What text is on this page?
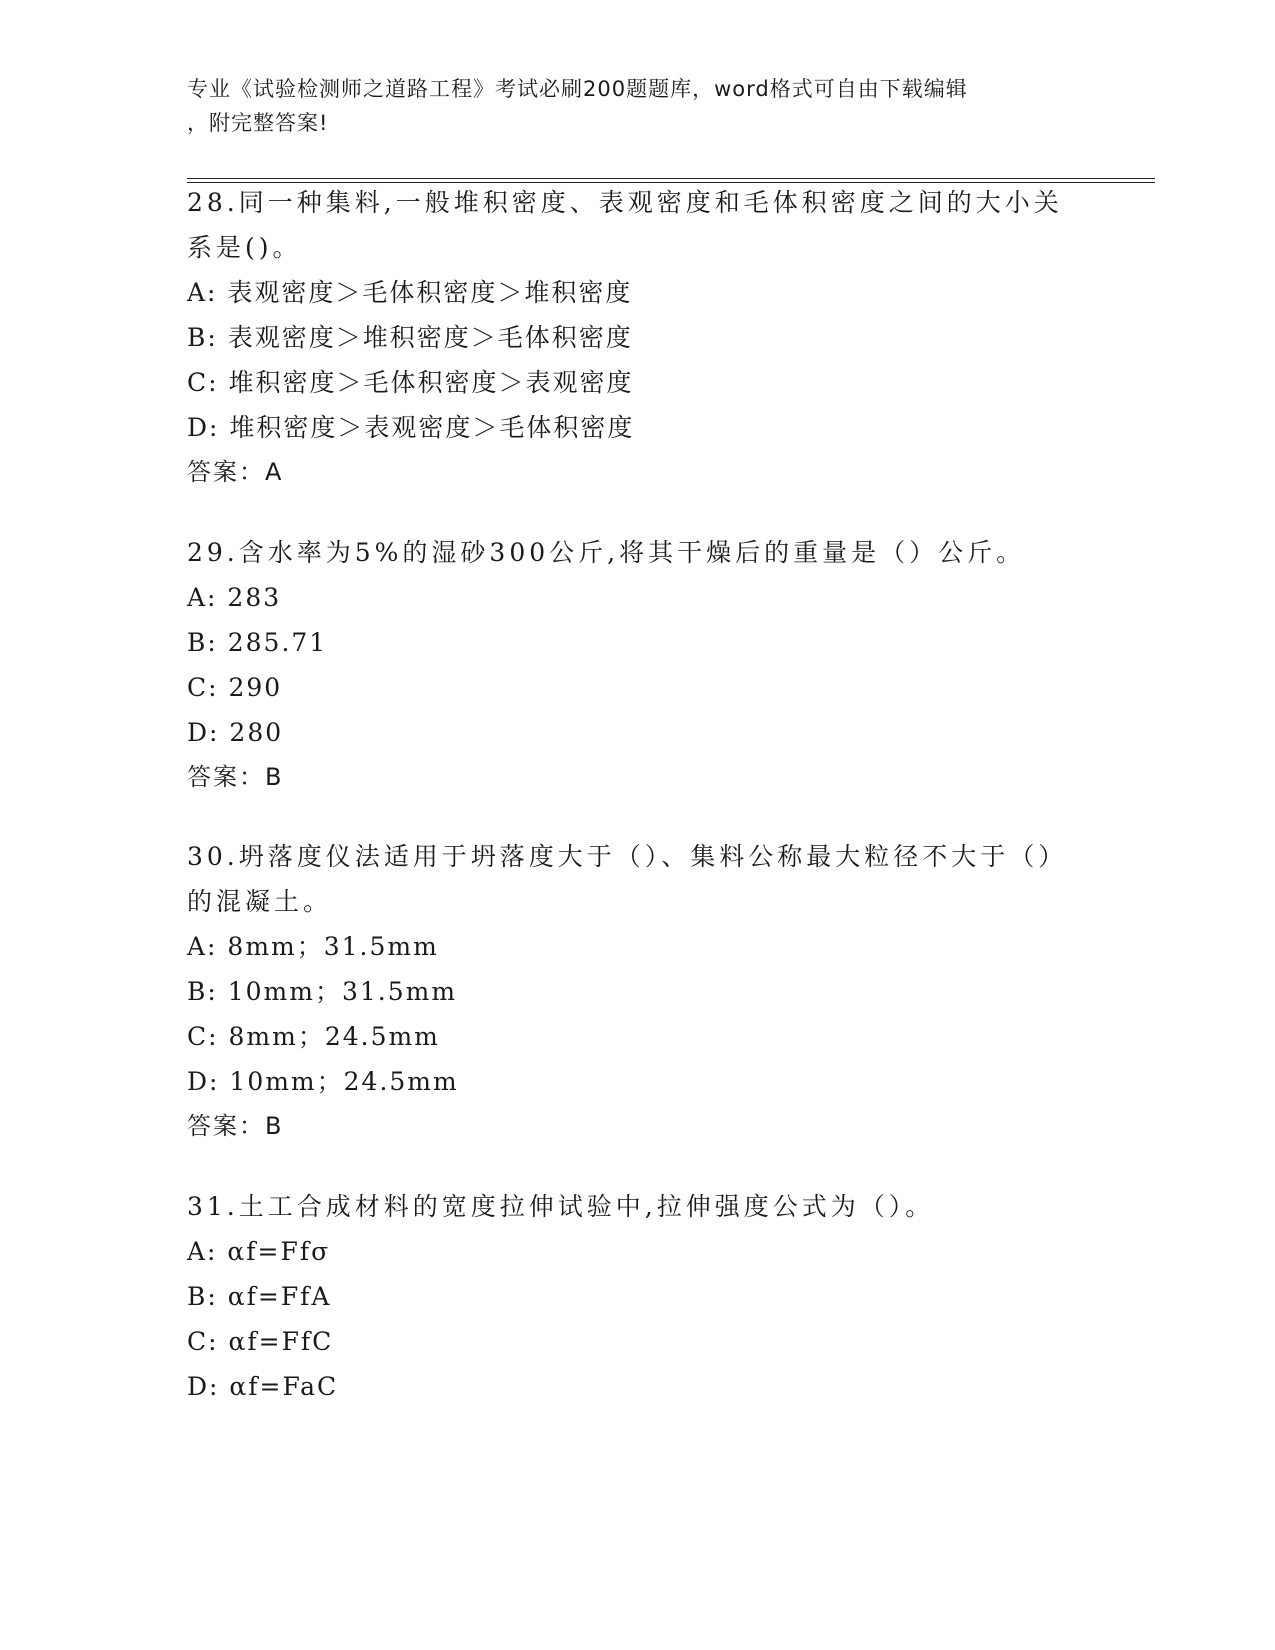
专业《试验检测师之道路工程》考试必刷200题题库，word格式可自由下载编辑
，附完整答案!

28.同一种集料,一般堆积密度、表观密度和毛体积密度之间的大小关

系是()。

A: 表观密度＞毛体积密度＞堆积密度

B: 表观密度＞堆积密度＞毛体积密度

C: 堆积密度＞毛体积密度＞表观密度

D: 堆积密度＞表观密度＞毛体积密度

答案：A

29.含水率为5%的湿砂300公斤,将其干燥后的重量是（）公斤。

A: 283

B: 285.71

C: 290

D: 280

答案：B

30.坍落度仪法适用于坍落度大于（）、集料公称最大粒径不大于（）

的混凝土。

A: 8mm；31.5mm

B: 10mm；31.5mm

C: 8mm；24.5mm

D: 10mm；24.5mm

答案：B

31.土工合成材料的宽度拉伸试验中,拉伸强度公式为（）。

A: αf=Ffσ

B: αf=FfA

C: αf=FfC

D: αf=FaC
